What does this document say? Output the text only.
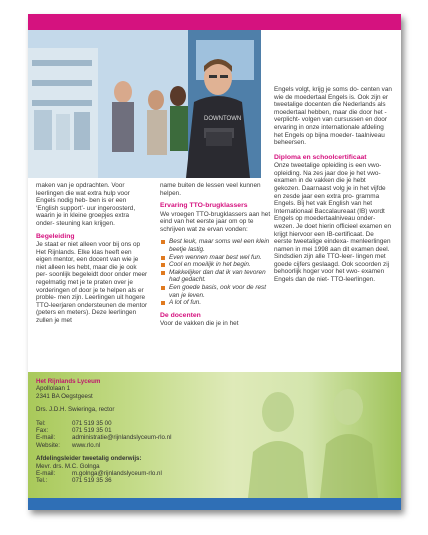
DOWNTOWN

maken van je opdrachten. Voor leerlingen die wat extra hulp voor Engels nodig heb- ben is er een ‘English support’- uur ingeroosterd, waarin je in kleine groepjes extra onder- steuning kan krijgen.

Begeleiding

Je staat er niet alleen voor bij ons op Het Rijnlands. Elke klas heeft een eigen mentor, een docent van wie je niet alleen les hebt, maar die je ook per- soonlijk begeleidt door onder meer regelmatig met je te praten over je vorderingen of door je te helpen als er proble- men zijn. Leerlingen uit hogere TTO-leerjaren ondersteunen de mentor (peters en meters). Deze leerlingen zullen je met

name buiten de lessen veel kunnen helpen.

Ervaring TTO-brugklassers

We vroegen TTO-brugklassers aan het eind van het eerste jaar om op te schrijven wat ze ervan vonden:

Best leuk, maar soms wel een klein beetje lastig.
Even wennen maar best wel fun.
Cool en moeilijk in het begin.
Makkelijker dan dat ik van tevoren had gedacht.
Een goede basis, ook voor de rest van je leven.
A lot of fun.
De docenten

Voor de vakken die je in het

Engels volgt, krijg je soms do- centen van wie de moedertaal Engels is. Ook zijn er tweetalige docenten die Nederlands als moedertaal hebben, maar die door het -verplicht- volgen van cursussen en door ervaring in onze internationale afdeling het Engels op bijna moeder- taalniveau beheersen.

Diploma en schoolcertificaat

Onze tweetalige opleiding is een vwo-opleiding. Na zes jaar doe je het vwo-examen in de vakken die je hebt gekozen. Daarnaast volg je in het vijfde en zesde jaar een extra pro- gramma Engels. Bij het vak English van het Internationaal Baccalaureaat (IB) wordt Engels op moedertaalniveau onder- wezen. Je doet hierin officieel examen en krijgt hiervoor een IB-certificaat. De eerste tweetalige eindexa- menleerlingen namen in mei 1998 aan dit examen deel. Sindsdien zijn alle TTO-leer- lingen met goede cijfers geslaagd. Ook scoorden zij behoorlijk hoger voor het vwo- examen Engels dan de niet- TTO-leerlingen.

Het Rijnlands Lyceum
Apollolaan 1
2341 BA Oegstgeest
Drs. J.D.H. Swieringa, rector
Tel:	071 519 35 00
Fax:	071 519 35 01
E-mail:	administratie@rijnlandslyceum-rlo.nl
Website: www.rlo.nl
Afdelingsleider tweetalig onderwijs:
Mevr. drs. M.C. Golnga
E-mail:	m.golnga@rijnlandslyceum-rlo.nl
Tel.:	071 519 35 36
